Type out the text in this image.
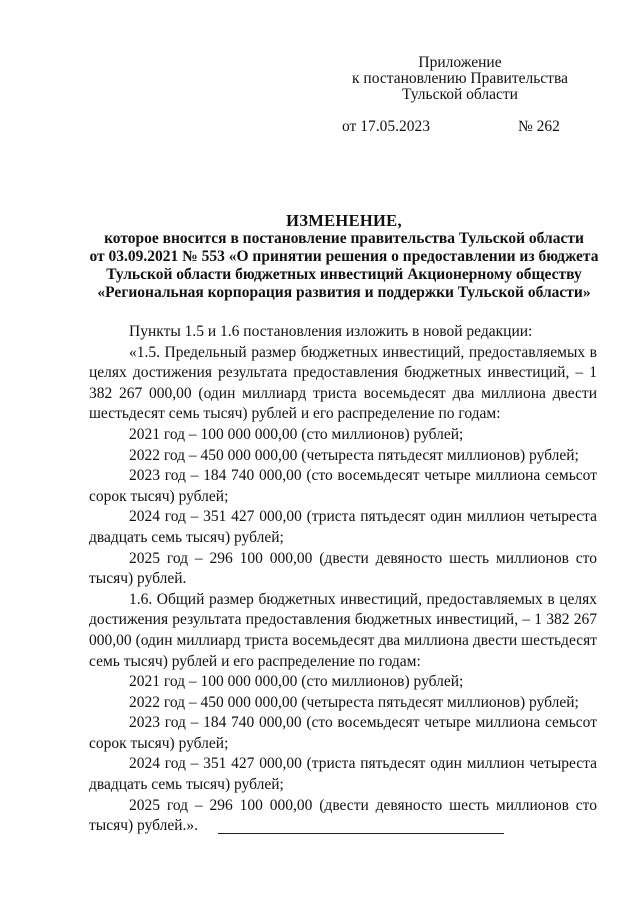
Приложение
к постановлению Правительства
Тульской области
от 17.05.2023	№ 262
ИЗМЕНЕНИЕ,
которое вносится в постановление правительства Тульской области
от 03.09.2021 № 553 «О принятии решения о предоставлении из бюджета
Тульской области бюджетных инвестиций Акционерному обществу
«Региональная корпорация развития и поддержки Тульской области»

Пункты 1.5 и 1.6 постановления изложить в новой редакции:

«1.5. Предельный размер бюджетных инвестиций, предоставляемых в целях достижения результата предоставления бюджетных инвестиций, – 1 382 267 000,00 (один миллиард триста восемьдесят два миллиона двести шестьдесят семь тысяч) рублей и его распределение по годам:

2021 год – 100 000 000,00 (сто миллионов) рублей;

2022 год – 450 000 000,00 (четыреста пятьдесят миллионов) рублей;

2023 год – 184 740 000,00 (сто восемьдесят четыре миллиона семьсот сорок тысяч) рублей;

2024 год – 351 427 000,00 (триста пятьдесят один миллион четыреста двадцать семь тысяч) рублей;

2025 год – 296 100 000,00 (двести девяносто шесть миллионов сто тысяч) рублей.

1.6. Общий размер бюджетных инвестиций, предоставляемых в целях достижения результата предоставления бюджетных инвестиций, – 1 382 267 000,00 (один миллиард триста восемьдесят два миллиона двести шестьдесят семь тысяч) рублей и его распределение по годам:

2021 год – 100 000 000,00 (сто миллионов) рублей;

2022 год – 450 000 000,00 (четыреста пятьдесят миллионов) рублей;

2023 год – 184 740 000,00 (сто восемьдесят четыре миллиона семьсот сорок тысяч) рублей;

2024 год – 351 427 000,00 (триста пятьдесят один миллион четыреста двадцать семь тысяч) рублей;

2025 год – 296 100 000,00 (двести девяносто шесть миллионов сто тысяч) рублей.».
